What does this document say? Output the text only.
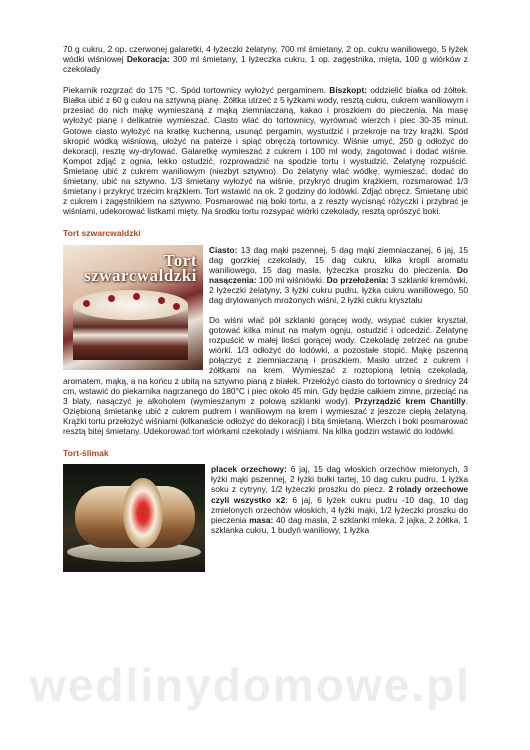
70 g cukru, 2 op. czerwonej galaretki, 4 łyżeczki żelatyny, 700 ml śmietany, 2 op. cukru waniliowego, 5 łyżek wódki wiśniowej Dekoracja: 300 ml śmietany, 1 łyżeczka cukru, 1 op. zagęstnika, mięta, 100 g wiórków z czekolady

Piekarnik rozgrzać do 175 °C. Spód tortownicy wyłożyć pergaminem. Biszkopt: oddzielić białka od żółtek. Białka ubić z 60 g cukru na sztywną pianę. Żółtka utrzeć z 5 łyżkami wody, resztą cukru, cukrem waniliowym i przesiać do nich mąkę wymieszaną z mąką ziemniaczaną, kakao i proszkiem do pieczenia. Na masę wyłożyć pianę i delikatnie wymieszać. Ciasto wlać do tortownicy, wyrównać wierzch i piec 30-35 minut. Gotowe ciasto wyłożyć na kratkę kuchenną, usunąć pergamin, wystudzić i przekroje na trzy krążki. Spód skropić wódką wiśniową, ułożyć na paterze i spiąć obręczą tortownicy. Wiśnie umyć, 250 g odłożyć do dekoracji, resztę wy-drylować. Galaretkę wymieszać z cukrem i 100 ml wody, zagotować i dodać wiśnie. Kompot zdjąć z ognia, lekko ostudzić, rozprowadzić na spodzie tortu i wystudzić. Żelatynę rozpuścić. Śmietanę ubić z cukrem waniliowym (niezbyt sztywno). Do żelatyny wlać wódkę, wymieszać, dodać do śmietany, ubić na sztywno. 1/3 śmietany wyłożyć na wiśnie, przykryć drugim krążkiem, rozsmarować 1/3 śmietany i przykryć trzecim krążkiem. Tort wstawić na ok. 2 godziny do lodówki. Zdjąć obręcz. Śmietanę ubić z cukrem i zagęstnikiem na sztywno. Posmarować nią boki tortu, a z reszty wycisnąć różyczki i przybrać je wiśniami, udekorować listkami mięty. Na środku tortu rozsypać wiórki czekolady, resztą oprószyć boki.

Tort szwarcwaldzki
Tort
szwarcwaldzki

Ciasto: 13 dag mąki pszennej, 5 dag mąki ziemniaczanej, 6 jaj, 15 dag gorzkiej czekolady, 15 dag cukru, kilka kropli aromatu waniliowego, 15 dag masła, łyżeczka proszku do pieczenia. Do nasączenia: 100 ml wiśniówki. Do przełożenia: 3 szklanki kremówki, 2 łyżeczki żelatyny, 3 łyżki cukru pudru, łyżka cukru waniliowego, 50 dag drylowanych mrożonych wiśni, 2 łyżki cukru kryształu

Do wiśni wlać pół szklanki gorącej wody, wsypać cukier kryształ, gotować kilka minut na małym ognju, ostudzić i odcedzić. Żelatynę rozpuścić w małej ilości gorącej wody. Czekoladę zetrzeć na grube wiórki. 1/3 odłożyć do lodówki, a pozostałe stopić. Mąkę pszenną połączyć z ziemniaczaną i proszkiem. Masło utrzeć z cukrem i żółtkami na krem. Wymieszać z roztopioną letnią czekoladą, aromatem, mąką, a na końcu z ubitą na sztywno pianą z białek. Przełożyć ciasto do tortownicy o średnicy 24 cm, wstawić do piekarnika nagrzanego do 180°C i piec około 45 min. Gdy będzie całkiem zimne, przeciąć na 3 blaty, nasączyć je alkoholem (wymieszanym z połową szklanki wody). Przyrządzić krem Chantilly. Oziębioną śmietankę ubić z cukrem pudrem i waniliowym na krem i wymieszać z jeszcze ciepłą żelatyną. Krążki tortu przełożyć wiśniami (kilkanaście odłożyć do dekoracji) i bitą śmietaną. Wierzch i boki posmarować resztą bitej śmietany. Udekorować tort wiórkami czekolady i wiśniami. Na kilka godzin wstawić do lodówki.

Tort-ślimak

placek orzechowy: 6 jaj, 15 dag włoskich orzechów mielonych, 3 łyżki mąki pszennej, 2 łyżki bułki tartej, 10 dag cukru pudru, 1 łyżka soku z cytryny, 1/2 łyżeczki proszku do piecz. 2 rolady orzechowe czyli wszystko x2: 6 jaj, 6 łyżek cukru pudru -10 dag, 10 dag zmielonych orzechów włoskich, 4 łyżki mąki, 1/2 łyżeczki proszku do pieczenia masa: 40 dag masła, 2 szklanki mleka, 2 jajka, 2 żółtka, 1 szklanka cukru, 1 budyń waniliowy, 1 łyżka

wedlinydomowe.pl
